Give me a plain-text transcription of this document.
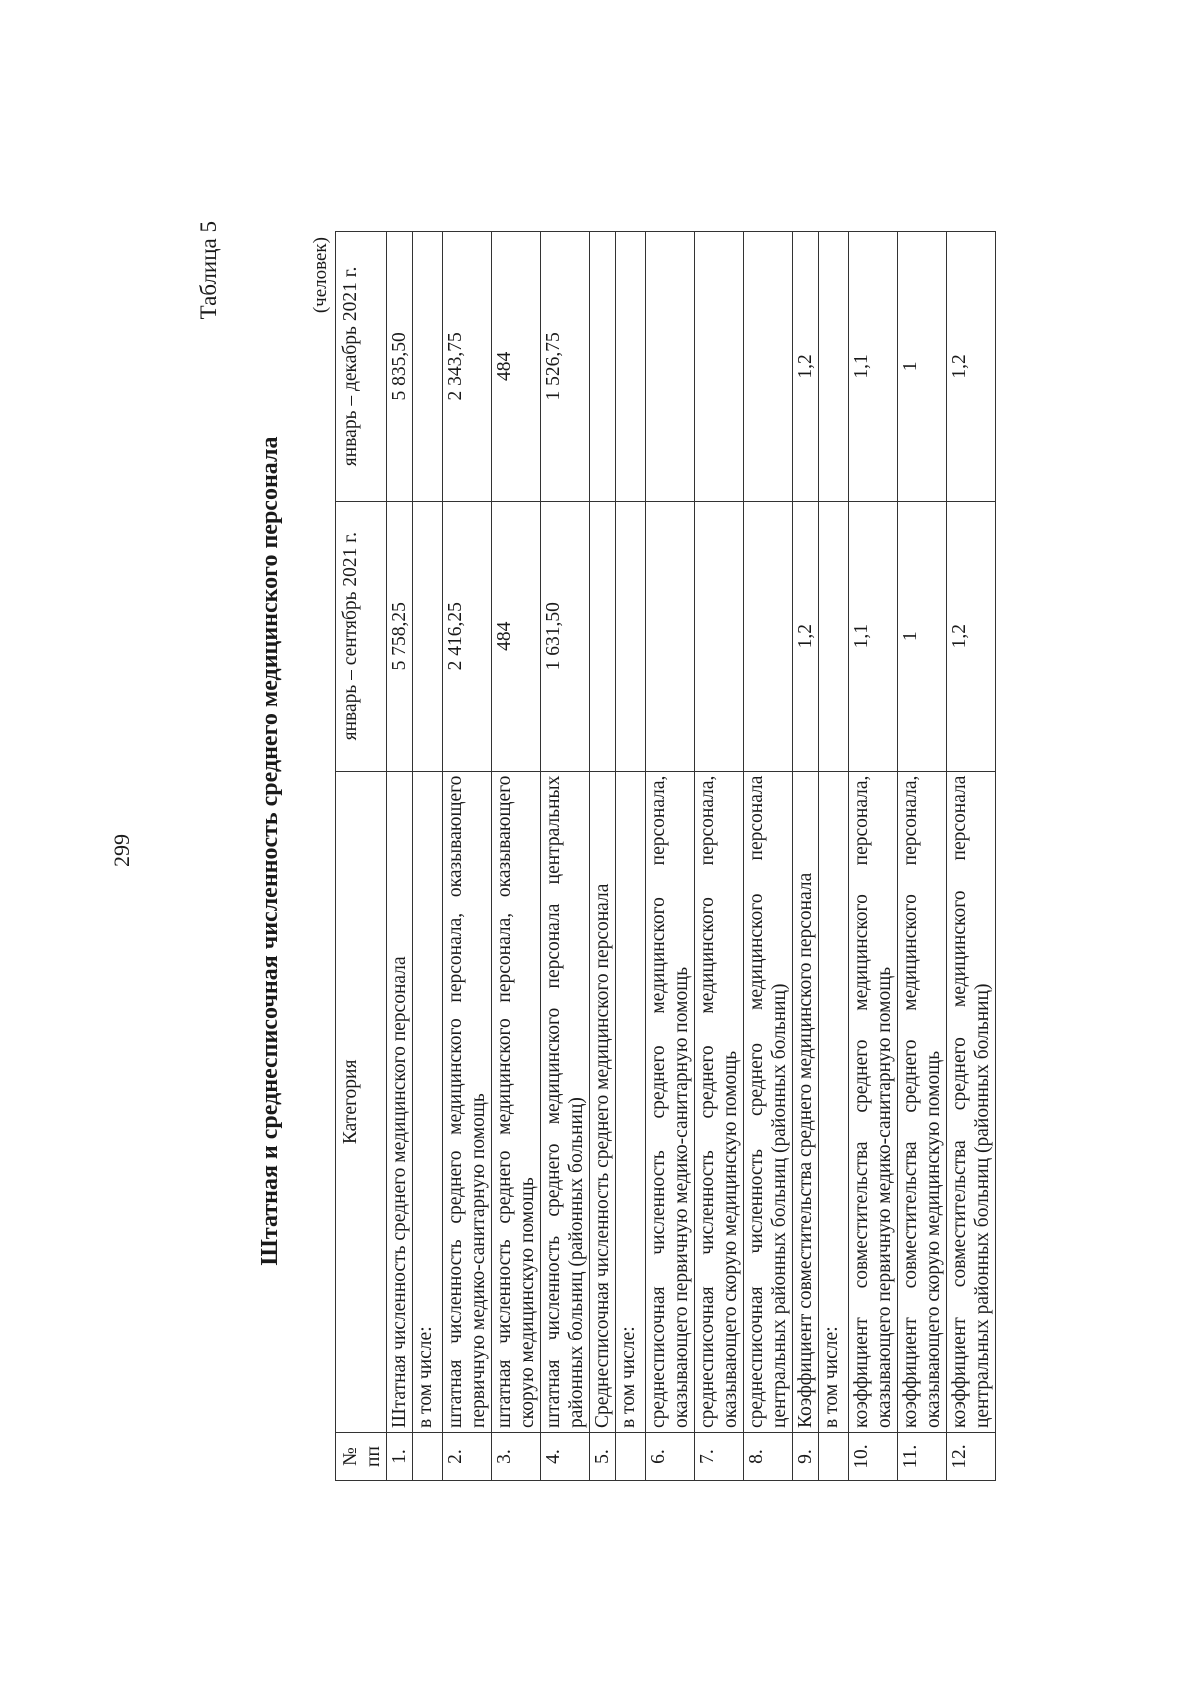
299
Таблица 5
Штатная и среднесписочная численность среднего медицинского персонала
(человек)
№ пп	Категория	январь – сентябрь 2021 г.	январь – декабрь 2021 г.
1.	Штатная численность среднего медицинского персонала	5 758,25	5 835,50
	в том числе:		
2.	штатная численность среднего медицинского персонала, оказывающего первичную медико-санитарную помощь	2 416,25	2 343,75
3.	штатная численность среднего медицинского персонала, оказывающего скорую медицинскую помощь	484	484
4.	штатная численность среднего медицинского персонала центральных районных больниц (районных больниц)	1 631,50	1 526,75
5.	Среднесписочная численность среднего медицинского персонала		
	в том числе:		
6.	среднесписочная численность среднего медицинского персонала, оказывающего первичную медико-санитарную помощь		
7.	среднесписочная численность среднего медицинского персонала, оказывающего скорую медицинскую помощь		
8.	среднесписочная численность среднего медицинского персонала центральных районных больниц (районных больниц)		
9.	Коэффициент совместительства среднего медицинского персонала	1,2	1,2
	в том числе:		
10.	коэффициент совместительства среднего медицинского персонала, оказывающего первичную медико-санитарную помощь	1,1	1,1
11.	коэффициент совместительства среднего медицинского персонала, оказывающего скорую медицинскую помощь	1	1
12.	коэффициент совместительства среднего медицинского персонала центральных районных больниц (районных больниц)	1,2	1,2
